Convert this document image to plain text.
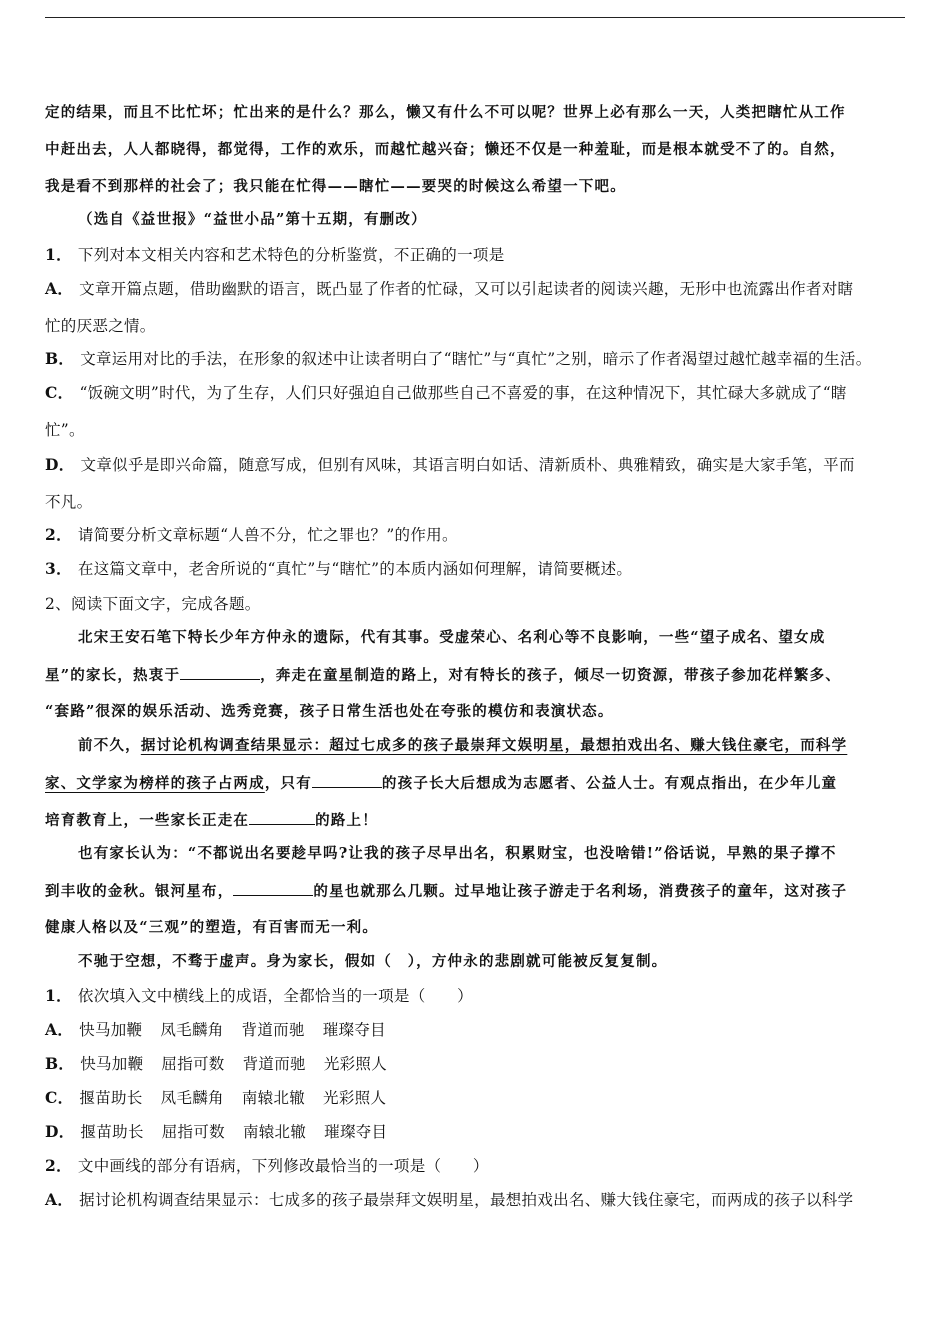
定的结果，而且不比忙坏；忙出来的是什么？那么，懒又有什么不可以呢？世界上必有那么一天，人类把瞎忙从工作
中赶出去，人人都晓得，都觉得，工作的欢乐，而越忙越兴奋；懒还不仅是一种羞耻，而是根本就受不了的。自然，
我是看不到那样的社会了；我只能在忙得——瞎忙——要哭的时候这么希望一下吧。
（选自《益世报》“益世小品”第十五期，有删改）
1． 下列对本文相关内容和艺术特色的分析鉴赏，不正确的一项是
A． 文章开篇点题，借助幽默的语言，既凸显了作者的忙碌，又可以引起读者的阅读兴趣，无形中也流露出作者对瞎
忙的厌恶之情。
B． 文章运用对比的手法，在形象的叙述中让读者明白了“瞎忙”与“真忙”之别，暗示了作者渴望过越忙越幸福的生活。
C． “饭碗文明”时代，为了生存，人们只好强迫自己做那些自己不喜爱的事，在这种情况下，其忙碌大多就成了“瞎
忙”。
D． 文章似乎是即兴命篇，随意写成，但别有风味，其语言明白如话、清新质朴、典雅精致，确实是大家手笔，平而
不凡。
2． 请简要分析文章标题“人兽不分，忙之罪也？”的作用。
3． 在这篇文章中，老舍所说的“真忙”与“瞎忙”的本质内涵如何理解，请简要概述。
2、阅读下面文字，完成各题。
北宋王安石笔下特长少年方仲永的遗际，代有其事。受虚荣心、名利心等不良影响，一些“望子成名、望女成
星”的家长，热衷于	，奔走在童星制造的路上，对有特长的孩子，倾尽一切资源，带孩子参加花样繁多、
“套路”很深的娱乐活动、选秀竞赛，孩子日常生活也处在夸张的模仿和表演状态。
前不久，据讨论机构调查结果显示：超过七成多的孩子最崇拜文娱明星，最想拍戏出名、赚大钱住豪宅，而科学
家、文学家为榜样的孩子占两成，只有	的孩子长大后想成为志愿者、公益人士。有观点指出，在少年儿童
培育教育上，一些家长正走在	的路上！
也有家长认为：“不都说出名要趁早吗?让我的孩子尽早出名，积累财宝，也没啥错!”俗话说，早熟的果子撑不
到丰收的金秋。银河星布，	的星也就那么几颗。过早地让孩子游走于名利场，消费孩子的童年，这对孩子
健康人格以及“三观”的塑造，有百害而无一利。
不驰于空想，不骛于虚声。身为家长，假如（　），方仲永的悲剧就可能被反复复制。
1． 依次填入文中横线上的成语，全都恰当的一项是（　　）
A． 快马加鞭 凤毛麟角 背道而驰 璀璨夺目
B． 快马加鞭 屈指可数 背道而驰 光彩照人
C． 揠苗助长 凤毛麟角 南辕北辙 光彩照人
D． 揠苗助长 屈指可数 南辕北辙 璀璨夺目
2． 文中画线的部分有语病，下列修改最恰当的一项是（　　）
A． 据讨论机构调查结果显示：七成多的孩子最崇拜文娱明星，最想拍戏出名、赚大钱住豪宅，而两成的孩子以科学
